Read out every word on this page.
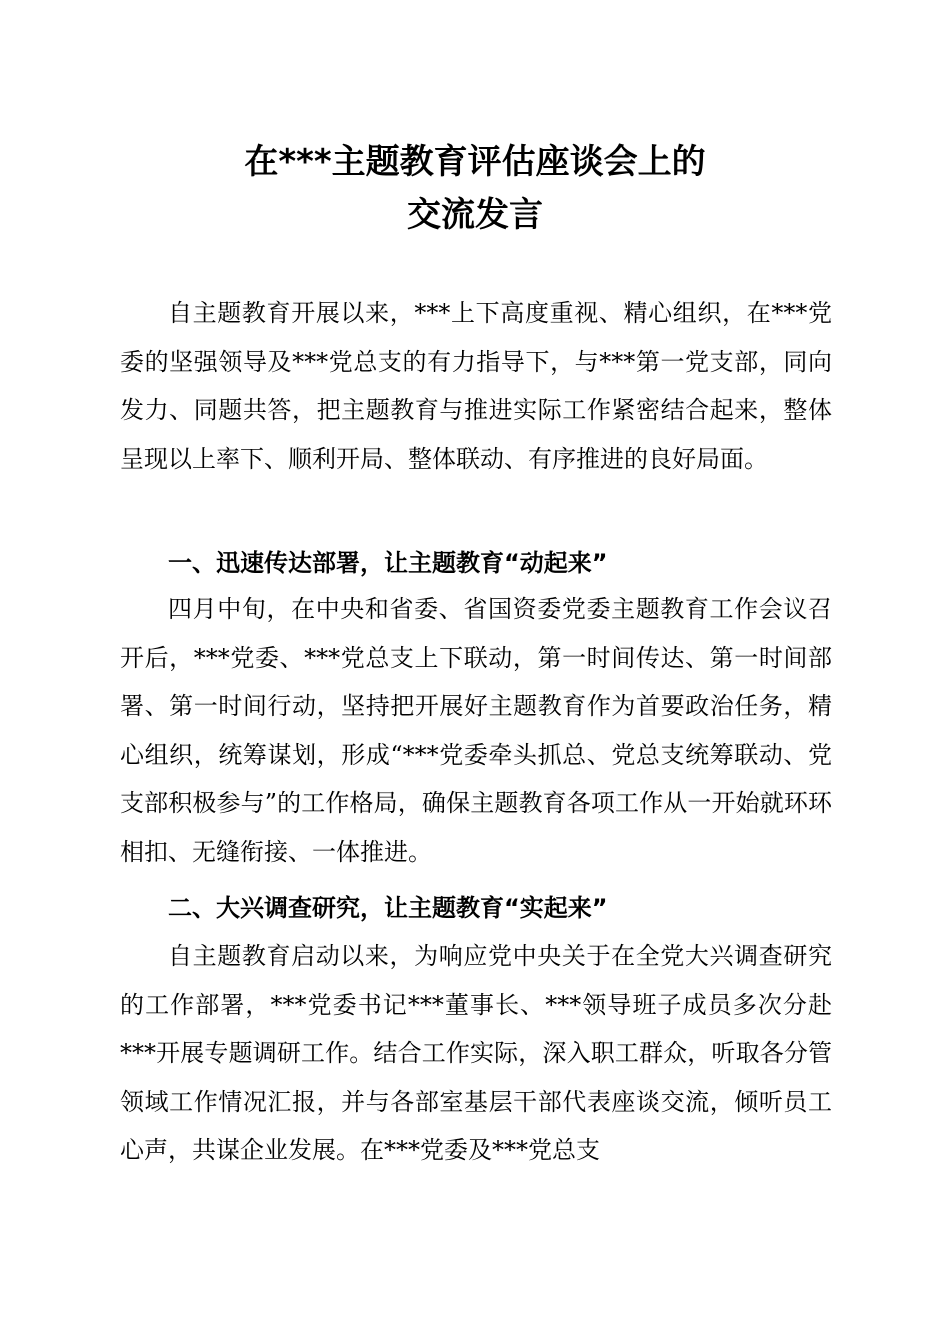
在***主题教育评估座谈会上的
交流发言

自主题教育开展以来，***上下高度重视、精心组织，在***党委的坚强领导及***党总支的有力指导下，与***第一党支部，同向发力、同题共答，把主题教育与推进实际工作紧密结合起来，整体呈现以上率下、顺利开局、整体联动、有序推进的良好局面。

一、迅速传达部署，让主题教育“动起来”

四月中旬，在中央和省委、省国资委党委主题教育工作会议召开后，***党委、***党总支上下联动，第一时间传达、第一时间部署、第一时间行动，坚持把开展好主题教育作为首要政治任务，精心组织，统筹谋划，形成“***党委牵头抓总、党总支统筹联动、党支部积极参与”的工作格局，确保主题教育各项工作从一开始就环环相扣、无缝衔接、一体推进。

二、大兴调查研究，让主题教育“实起来”

自主题教育启动以来，为响应党中央关于在全党大兴调查研究的工作部署，***党委书记***董事长、***领导班子成员多次分赴***开展专题调研工作。结合工作实际，深入职工群众，听取各分管领域工作情况汇报，并与各部室基层干部代表座谈交流，倾听员工心声，共谋企业发展。在***党委及***党总支
